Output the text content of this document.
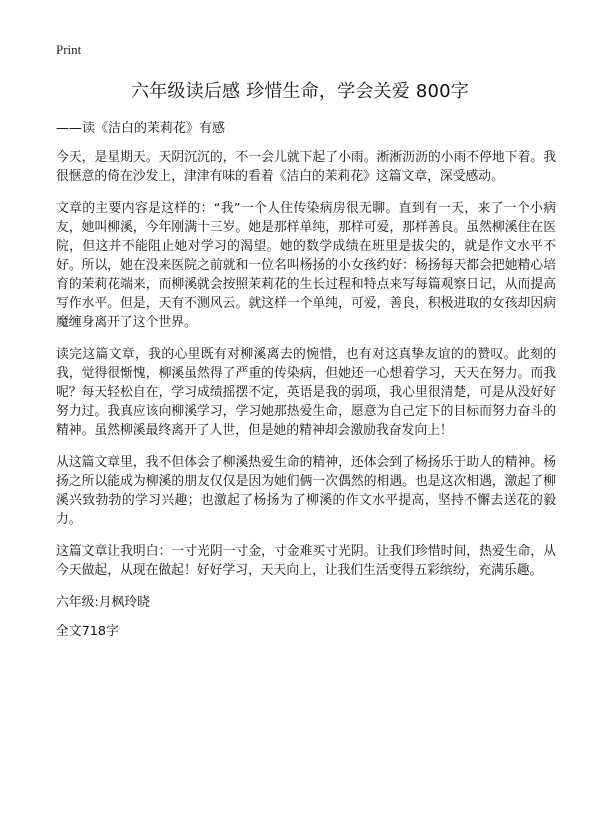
Print
六年级读后感 珍惜生命，学会关爱 800字
——读《洁白的茉莉花》有感

今天，是星期天。天阴沉沉的，不一会儿就下起了小雨。淅淅沥沥的小雨不停地下着。我很惬意的倚在沙发上，津津有味的看着《洁白的茉莉花》这篇文章，深受感动。

文章的主要内容是这样的：“我”一个人住传染病房很无聊。直到有一天，来了一个小病友，她叫柳溪，今年刚满十三岁。她是那样单纯，那样可爱，那样善良。虽然柳溪住在医院，但这并不能阻止她对学习的渴望。她的数学成绩在班里是拔尖的，就是作文水平不好。所以，她在没来医院之前就和一位名叫杨扬的小女孩约好：杨扬每天都会把她精心培育的茉莉花端来，而柳溪就会按照茉莉花的生长过程和特点来写每篇观察日记，从而提高写作水平。但是，天有不测风云。就这样一个单纯，可爱，善良，积极进取的女孩却因病魔缠身离开了这个世界。

读完这篇文章，我的心里既有对柳溪离去的惋惜，也有对这真挚友谊的的赞叹。此刻的我，觉得很惭愧，柳溪虽然得了严重的传染病，但她还一心想着学习，天天在努力。而我呢？每天轻松自在，学习成绩摇摆不定，英语是我的弱项，我心里很清楚，可是从没好好努力过。我真应该向柳溪学习，学习她那热爱生命，愿意为自己定下的目标而努力奋斗的精神。虽然柳溪最终离开了人世，但是她的精神却会激励我奋发向上！

从这篇文章里，我不但体会了柳溪热爱生命的精神，还体会到了杨扬乐于助人的精神。杨扬之所以能成为柳溪的朋友仅仅是因为她们俩一次偶然的相遇。也是这次相遇，激起了柳溪兴致勃勃的学习兴趣；也激起了杨扬为了柳溪的作文水平提高，坚持不懈去送花的毅力。

这篇文章让我明白：一寸光阴一寸金，寸金难买寸光阴。让我们珍惜时间，热爱生命，从今天做起，从现在做起！好好学习，天天向上，让我们生活变得五彩缤纷，充满乐趣。

六年级:月枫玲晓

全文718字
